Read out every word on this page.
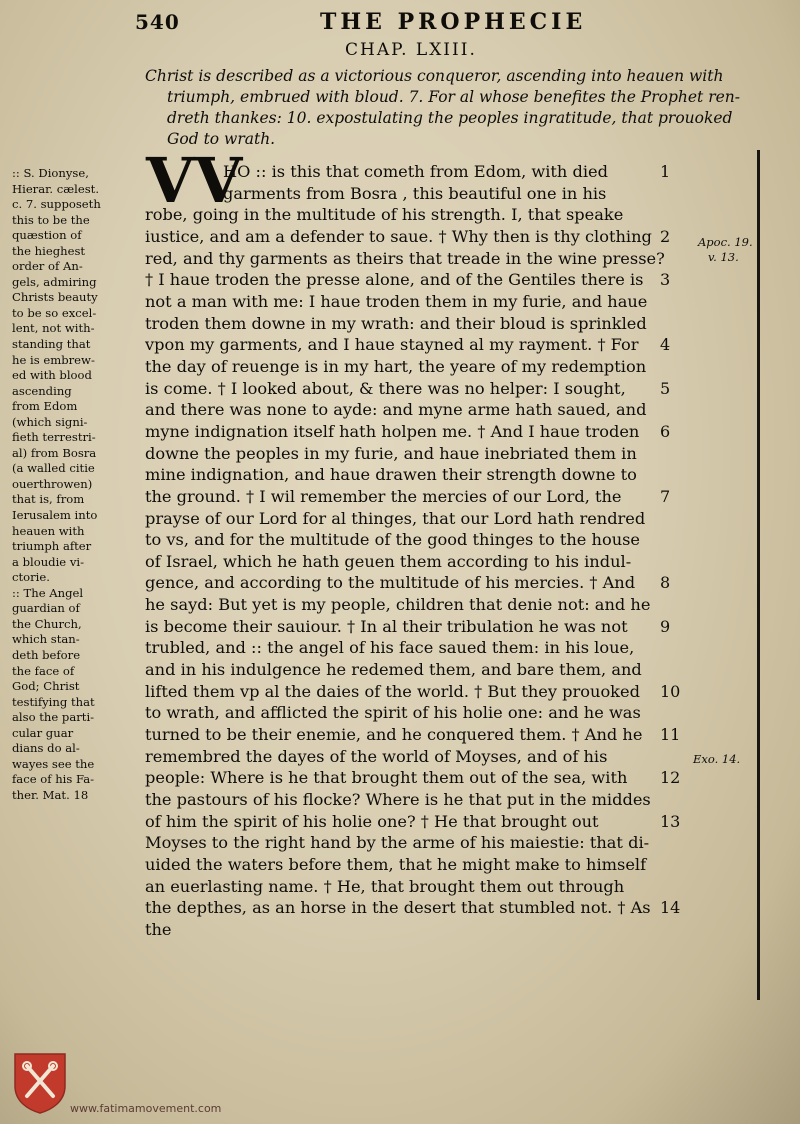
540	THE PROPHECIE
CHAP. LXIII.
Christ is described as a victorious conqueror, ascending into heauen with
triumph, embrued with bloud. 7. For al whose benefites the Prophet ren-
dreth thankes: 10. expostulating the peoples ingratitude, that prouoked
God to wrath.
VV
HO :: is this that cometh from Edom, with died
garments from Bosra , this beautiful one in his
robe, going in the multitude of his strength. I, that speake
iustice, and am a defender to saue. † Why then is thy clothing
red, and thy garments as theirs that treade in the wine presse?
† I haue troden the presse alone, and of the Gentiles there is
not a man with me: I haue troden them in my furie, and haue
troden them downe in my wrath: and their bloud is sprinkled
vpon my garments, and I haue stayned al my rayment. † For
the day of reuenge is in my hart, the yeare of my redemption
is come. † I looked about, & there was no helper: I sought,
and there was none to ayde: and myne arme hath saued, and
myne indignation itself hath holpen me. † And I haue troden
downe the peoples in my furie, and haue inebriated them in
mine indignation, and haue drawen their strength downe to
the ground. † I wil remember the mercies of our Lord, the
prayse of our Lord for al thinges, that our Lord hath rendred
to vs, and for the multitude of the good thinges to the house
of Israel, which he hath geuen them according to his indul-
gence, and according to the multitude of his mercies. † And
he sayd: But yet is my people, children that denie not: and he
is become their sauiour. † In al their tribulation he was not
trubled, and :: the angel of his face saued them: in his loue,
and in his indulgence he redemed them, and bare them, and
lifted them vp al the daies of the world. † But they prouoked
to wrath, and afflicted the spirit of his holie one: and he was
turned to be their enemie, and he conquered them. † And he
remembred the dayes of the world of Moyses, and of his
people: Where is he that brought them out of the sea, with
the pastours of his flocke? Where is he that put in the middes
of him the spirit of his holie one? † He that brought out
Moyses to the right hand by the arme of his maiestie: that di-
uided the waters before them, that he might make to himself
an euerlasting name. † He, that brought them out through
the depthes, as an horse in the desert that stumbled not. † As
the
:: S. Dionyse,
Hierar. cælest.
c. 7. supposeth
this to be the
quæstion of
the hieghest
order of An-
gels, admiring
Christs beauty
to be so excel-
lent, not with-
standing that
he is embrew-
ed with blood
ascending
from Edom
(which signi-
fieth terrestri-
al) from Bosra
(a walled citie
ouerthrowen)
that is, from
Ierusalem into
heauen with
triumph after
a bloudie vi-
ctorie.
:: The Angel
guardian of
the Church,
which stan-
deth before
the face of
God; Christ
testifying that
also the parti-
cular guar
dians do al-
wayes see the
face of his Fa-
ther. Mat. 18
1
2
3
4
5
6
7
8
9
10
11
12
13
14
Apoc. 19.
v. 13.
Exo. 14.
www.fatimamovement.com
